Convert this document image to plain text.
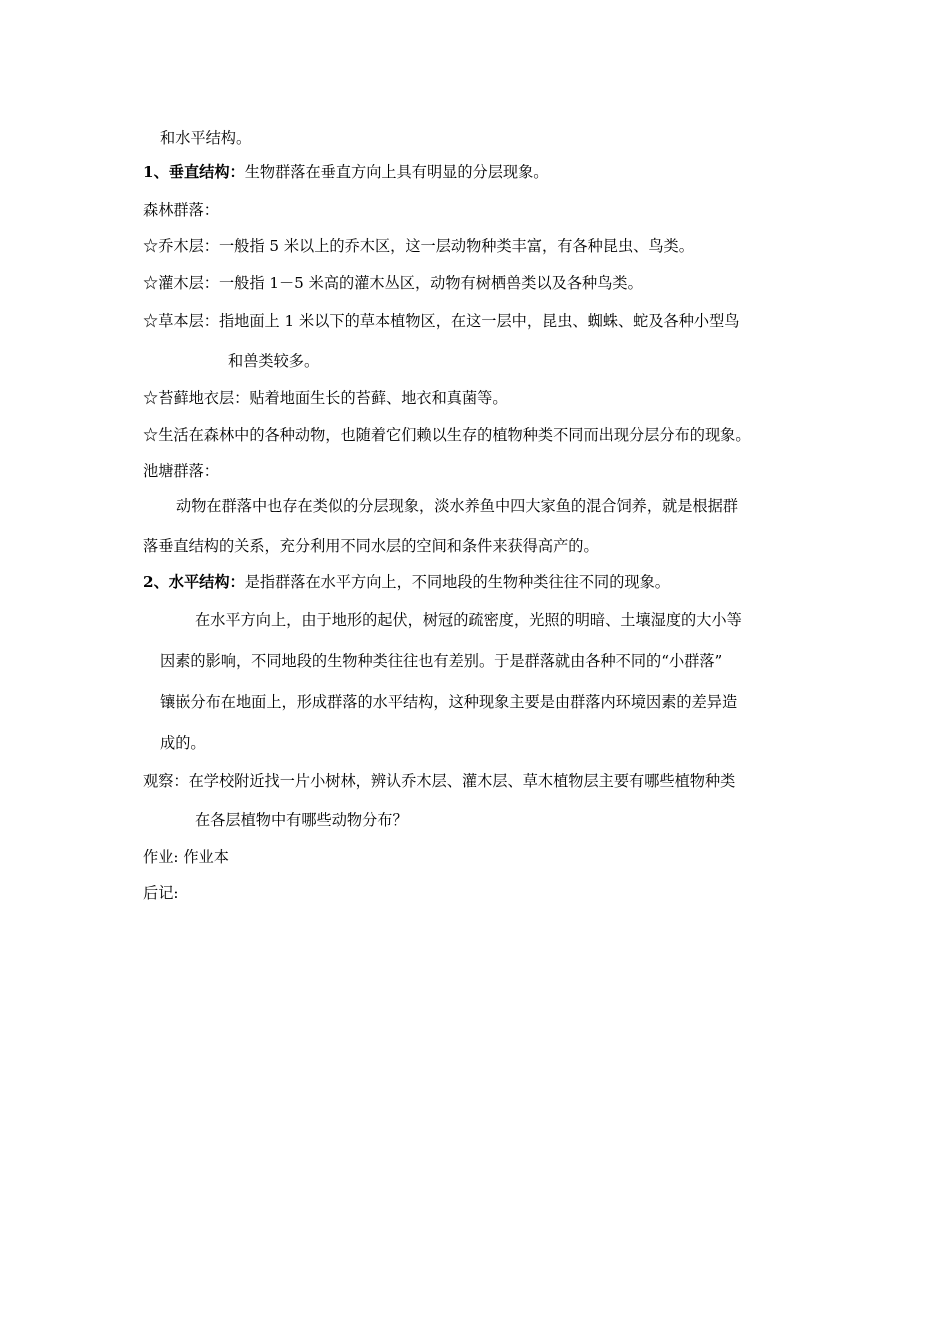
和水平结构。
1、垂直结构：生物群落在垂直方向上具有明显的分层现象。
森林群落：
☆乔木层：一般指 5 米以上的乔木区，这一层动物种类丰富，有各种昆虫、鸟类。
☆灌木层：一般指 1－5 米高的灌木丛区，动物有树栖兽类以及各种鸟类。
☆草本层：指地面上 1 米以下的草本植物区，在这一层中，昆虫、蜘蛛、蛇及各种小型鸟
和兽类较多。
☆苔藓地衣层：贴着地面生长的苔藓、地衣和真菌等。
☆生活在森林中的各种动物，也随着它们赖以生存的植物种类不同而出现分层分布的现象。
池塘群落：
动物在群落中也存在类似的分层现象，淡水养鱼中四大家鱼的混合饲养，就是根据群
落垂直结构的关系，充分利用不同水层的空间和条件来获得高产的。
2、水平结构：是指群落在水平方向上，不同地段的生物种类往往不同的现象。
在水平方向上，由于地形的起伏，树冠的疏密度，光照的明暗、土壤湿度的大小等
因素的影响，不同地段的生物种类往往也有差别。于是群落就由各种不同的“小群落”
镶嵌分布在地面上，形成群落的水平结构，这种现象主要是由群落内环境因素的差异造
成的。
观察：在学校附近找一片小树林，辨认乔木层、灌木层、草木植物层主要有哪些植物种类
在各层植物中有哪些动物分布？
作业: 作业本
后记:
